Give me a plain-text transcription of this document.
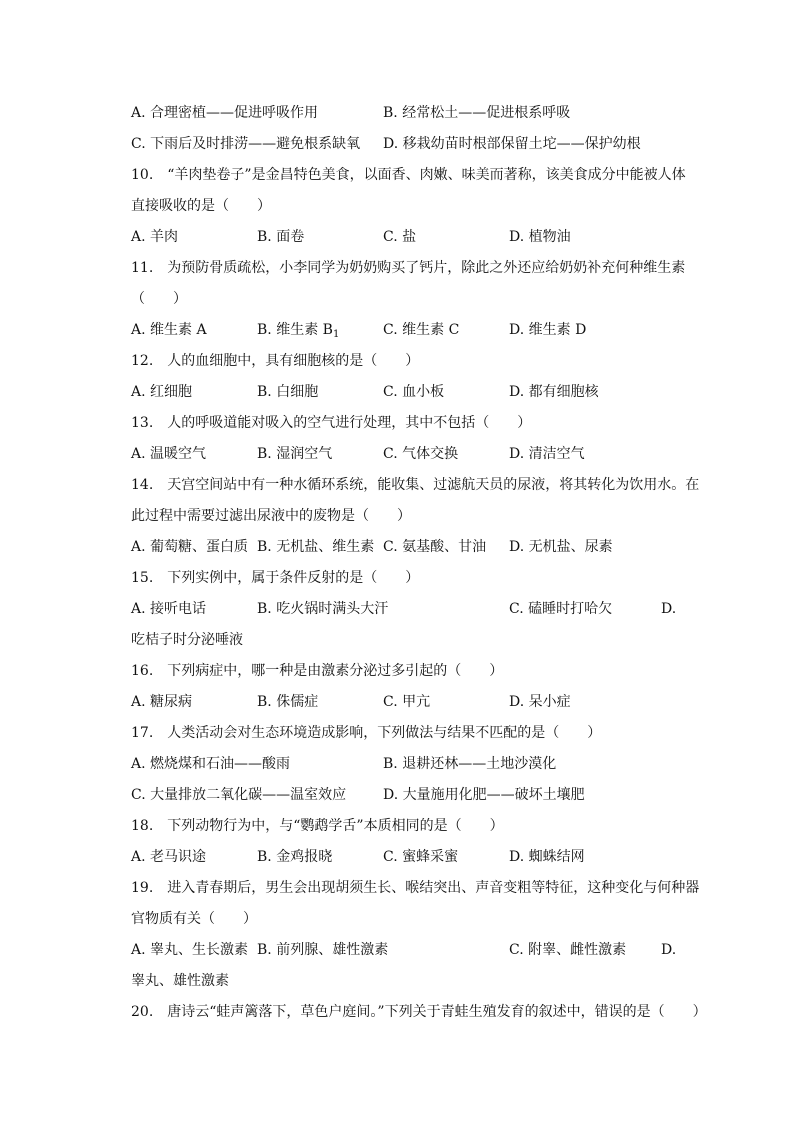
A. 合理密植——促进呼吸作用	B. 经常松土——促进根系呼吸
C. 下雨后及时排涝——避免根系缺氧 D. 移栽幼苗时根部保留土坨——保护幼根
10.　“羊肉垫卷子”是金昌特色美食，以面香、肉嫩、味美而著称，该美食成分中能被人体
直接吸收的是（　　）
A. 羊肉	B. 面卷	C. 盐	D. 植物油
11.　为预防骨质疏松，小李同学为奶奶购买了钙片，除此之外还应给奶奶补充何种维生素
（　　）
A. 维生素 A	B. 维生素 $B_1$	C. 维生素 C	D. 维生素 D
12.　人的血细胞中，具有细胞核的是（　　）
A. 红细胞	B. 白细胞	C. 血小板	D. 都有细胞核
13.　人的呼吸道能对吸入的空气进行处理，其中不包括（　　）
A. 温暖空气	B. 湿润空气	C. 气体交换	D. 清洁空气
14.　天宫空间站中有一种水循环系统，能收集、过滤航天员的尿液，将其转化为饮用水。在
此过程中需要过滤出尿液中的废物是（　　）
A. 葡萄糖、蛋白质 B. 无机盐、维生素 C. 氨基酸、甘油 D. 无机盐、尿素
15.　下列实例中，属于条件反射的是（　　）
A. 接听电话	B. 吃火锅时满头大汗	C. 磕睡时打哈欠	D.
吃桔子时分泌唾液
16.　下列病症中，哪一种是由激素分泌过多引起的（　　）
A. 糖尿病	B. 侏儒症	C. 甲亢	D. 呆小症
17.　人类活动会对生态环境造成影响，下列做法与结果不匹配的是（　　）
A. 燃烧煤和石油——酸雨	B. 退耕还林——土地沙漠化
C. 大量排放二氧化碳——温室效应	D. 大量施用化肥——破坏土壤肥
18.　下列动物行为中，与“鹦鹉学舌”本质相同的是（　　）
A. 老马识途	B. 金鸡报晓	C. 蜜蜂采蜜	D. 蜘蛛结网
19.　进入青春期后，男生会出现胡须生长、喉结突出、声音变粗等特征，这种变化与何种器
官物质有关（　　）
A. 睾丸、生长激素 B. 前列腺、雄性激素	C. 附睾、雌性激素 D.
睾丸、雄性激素
20.　唐诗云“蛙声篱落下，草色户庭间。”下列关于青蛙生殖发育的叙述中，错误的是（　　）
